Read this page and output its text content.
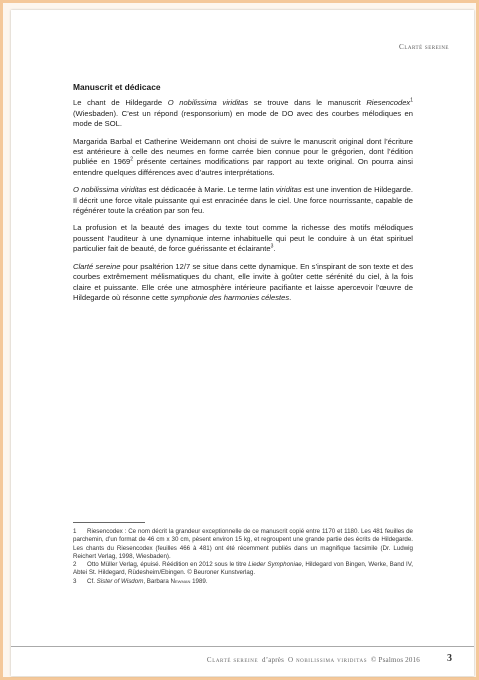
Clarté sereine
Manuscrit et dédicace

Le chant de Hildegarde O nobilissima viriditas se trouve dans le manuscrit Riesencodex$^1$ (Wiesbaden). C’est un répond (responsorium) en mode de DO avec des courbes mélodiques en mode de SOL.

Margarida Barbal et Catherine Weidemann ont choisi de suivre le manuscrit original dont l’écriture est antérieure à celle des neumes en forme carrée bien connue pour le grégorien, dont l’édition publiée en 1969$^2$ présente certaines modifications par rapport au texte original. On pourra ainsi entendre quelques différences avec d’autres interprétations.

O nobilissima viriditas est dédicacée à Marie. Le terme latin viriditas est une invention de Hildegarde. Il décrit une force vitale puissante qui est enracinée dans le ciel. Une force nourrissante, capable de régénérer toute la création par son feu.

La profusion et la beauté des images du texte tout comme la richesse des motifs mélodiques poussent l’auditeur à une dynamique interne inhabituelle qui peut le conduire à un état spirituel particulier fait de beauté, de force guérissante et éclairante$^3$.

Clarté sereine pour psaltérion 12/7 se situe dans cette dynamique. En s’inspirant de son texte et des courbes extrêmement mélismatiques du chant, elle invite à goûter cette sérénité du ciel, à la fois claire et puissante. Elle crée une atmosphère intérieure pacifiante et laisse apercevoir l’œuvre de Hildegarde où résonne cette symphonie des harmonies célestes.

1 Riesencodex : Ce nom décrit la grandeur exceptionnelle de ce manuscrit copié entre 1170 et 1180. Les 481 feuilles de parchemin, d’un format de 46 cm x 30 cm, pèsent environ 15 kg, et regroupent une grande partie des écrits de Hildegarde. Les chants du Riesencodex (feuilles 466 à 481) ont été récemment publiés dans un magnifique facsimile (Dr. Ludwig Reichert Verlag, 1998, Wiesbaden).

2 Otto Müller Verlag, épuisé. Réédition en 2012 sous le titre Lieder Symphoniae, Hildegard von Bingen, Werke, Band IV, Abtei St. Hildegard, Rüdesheim/Ebingen. © Beuroner Kunstverlag.

3 Cf. Sister of Wisdom, Barbara Newman 1989.

Clarté sereine d’après O nobilissima viriditas © Psalmos 2016	3
